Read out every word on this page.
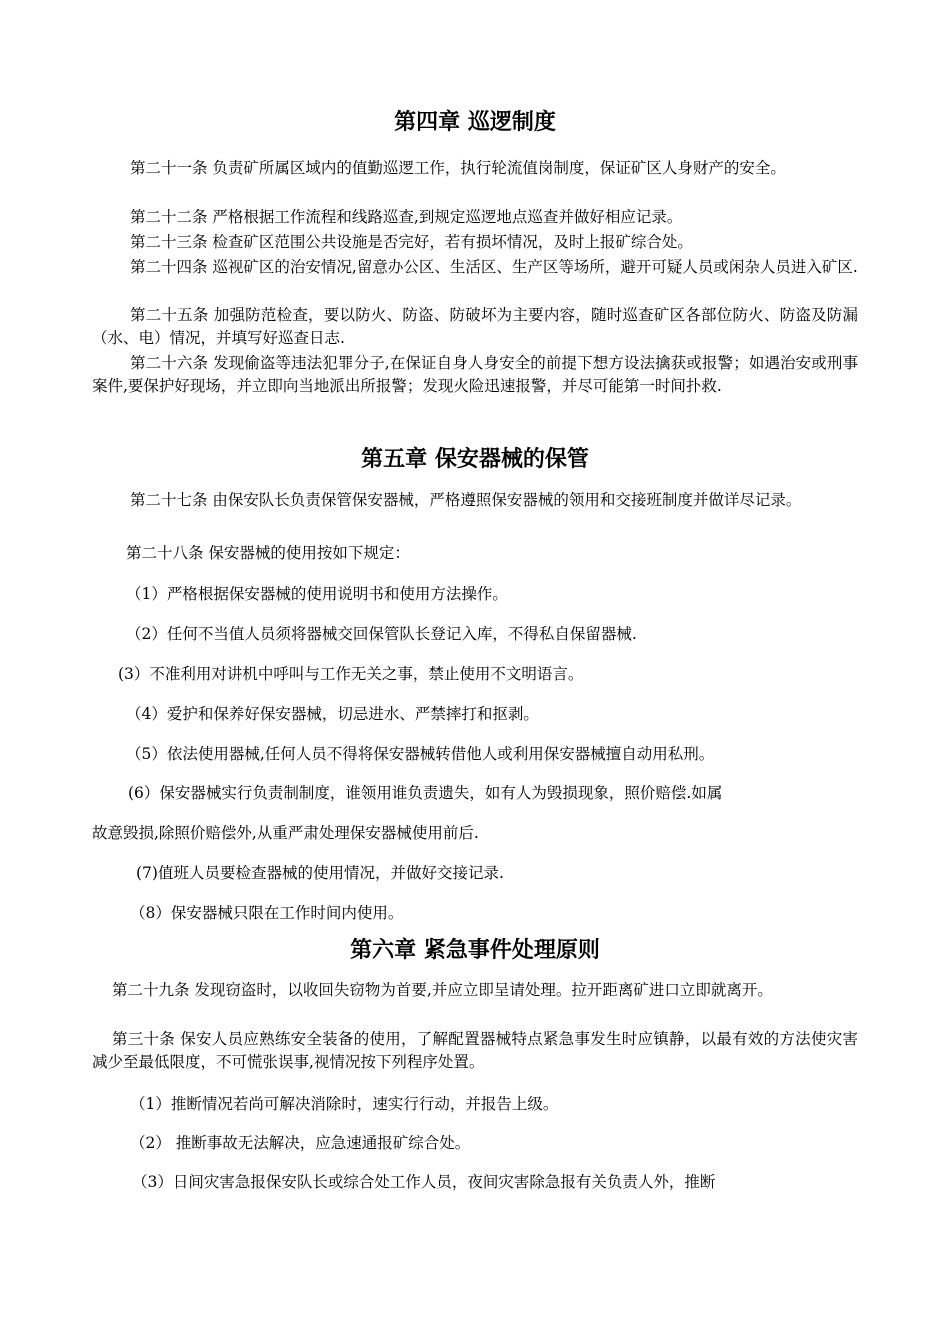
第四章 巡逻制度

第二十一条 负责矿所属区域内的值勤巡逻工作，执行轮流值岗制度，保证矿区人身财产的安全。

第二十二条 严格根据工作流程和线路巡查,到规定巡逻地点巡查并做好相应记录。

第二十三条 检查矿区范围公共设施是否完好，若有损坏情况，及时上报矿综合处。

第二十四条 巡视矿区的治安情况,留意办公区、生活区、生产区等场所，避开可疑人员或闲杂人员进入矿区.

第二十五条 加强防范检查，要以防火、防盗、防破坏为主要内容，随时巡查矿区各部位防火、防盗及防漏（水、电）情况，并填写好巡查日志.

第二十六条 发现偷盗等违法犯罪分子,在保证自身人身安全的前提下想方设法擒获或报警；如遇治安或刑事案件,要保护好现场，并立即向当地派出所报警；发现火险迅速报警，并尽可能第一时间扑救.

第五章 保安器械的保管

第二十七条 由保安队长负责保管保安器械，严格遵照保安器械的领用和交接班制度并做详尽记录。

第二十八条 保安器械的使用按如下规定：

（1）严格根据保安器械的使用说明书和使用方法操作。

（2）任何不当值人员须将器械交回保管队长登记入库，不得私自保留器械.

(3）不准利用对讲机中呼叫与工作无关之事，禁止使用不文明语言。

（4）爱护和保养好保安器械，切忌进水、严禁摔打和抠剥。

（5）依法使用器械,任何人员不得将保安器械转借他人或利用保安器械擅自动用私刑。

(6）保安器械实行负责制制度，谁领用谁负责遗失，如有人为毁损现象，照价赔偿.如属

故意毁损,除照价赔偿外,从重严肃处理保安器械使用前后.

(7)值班人员要检查器械的使用情况，并做好交接记录.

（8）保安器械只限在工作时间内使用。

第六章 紧急事件处理原则

第二十九条 发现窃盗时，以收回失窃物为首要,并应立即呈请处理。拉开距离矿进口立即就离开。

第三十条 保安人员应熟练安全装备的使用，了解配置器械特点紧急事发生时应镇静，以最有效的方法使灾害减少至最低限度，不可慌张误事,视情况按下列程序处置。

（1）推断情况若尚可解决消除时，速实行行动，并报告上级。

（2） 推断事故无法解决，应急速通报矿综合处。

（3）日间灾害急报保安队长或综合处工作人员，夜间灾害除急报有关负责人外，推断
